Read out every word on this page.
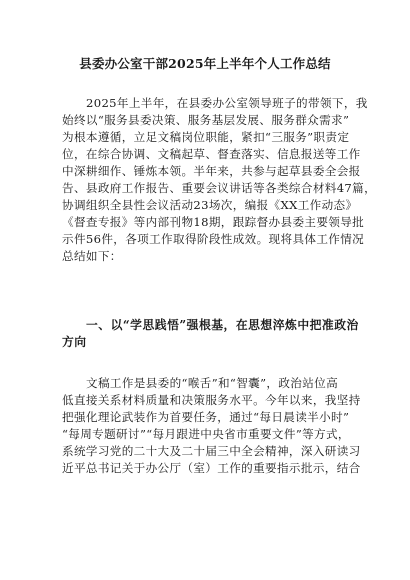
县委办公室干部2025年上半年个人工作总结

2025年上半年，在县委办公室领导班子的带领下，我

始终以“服务县委决策、服务基层发展、服务群众需求”

为根本遵循，立足文稿岗位职能，紧扣“三服务”职责定

位，在综合协调、文稿起草、督查落实、信息报送等工作

中深耕细作、锤炼本领。半年来，共参与起草县委全会报

告、县政府工作报告、重要会议讲话等各类综合材料47篇，

协调组织全县性会议活动23场次，编报《XX工作动态》

《督查专报》等内部刊物18期，跟踪督办县委主要领导批

示件56件，各项工作取得阶段性成效。现将具体工作情况

总结如下：

一、以“学思践悟”强根基，在思想淬炼中把准政治

方向

文稿工作是县委的“喉舌”和“智囊”，政治站位高

低直接关系材料质量和决策服务水平。今年以来，我坚持

把强化理论武装作为首要任务，通过“每日晨读半小时”

“每周专题研讨”“每月跟进中央省市重要文件”等方式，

系统学习党的二十大及二十届三中全会精神，深入研读习

近平总书记关于办公厅（室）工作的重要指示批示，结合
